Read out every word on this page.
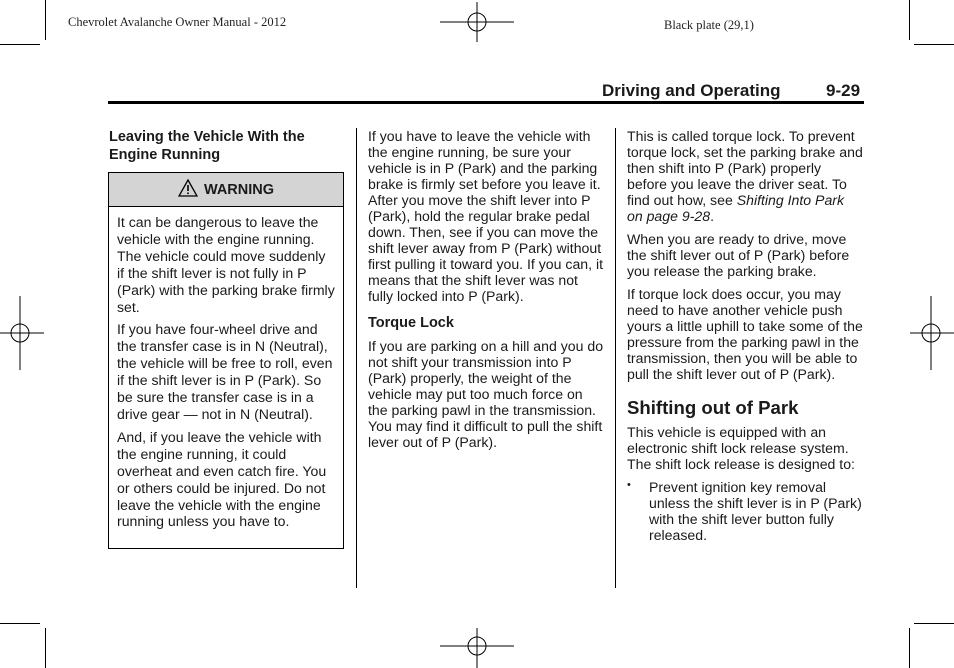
Chevrolet Avalanche Owner Manual - 2012	Black plate (29,1)
Driving and Operating	9-29
Leaving the Vehicle With the Engine Running
WARNING

It can be dangerous to leave the vehicle with the engine running. The vehicle could move suddenly if the shift lever is not fully in P (Park) with the parking brake firmly set.

If you have four-wheel drive and the transfer case is in N (Neutral), the vehicle will be free to roll, even if the shift lever is in P (Park). So be sure the transfer case is in a drive gear — not in N (Neutral).

And, if you leave the vehicle with the engine running, it could overheat and even catch fire. You or others could be injured. Do not leave the vehicle with the engine running unless you have to.

If you have to leave the vehicle with the engine running, be sure your vehicle is in P (Park) and the parking brake is firmly set before you leave it. After you move the shift lever into P (Park), hold the regular brake pedal down. Then, see if you can move the shift lever away from P (Park) without first pulling it toward you. If you can, it means that the shift lever was not fully locked into P (Park).

Torque Lock

If you are parking on a hill and you do not shift your transmission into P (Park) properly, the weight of the vehicle may put too much force on the parking pawl in the transmission. You may find it difficult to pull the shift lever out of P (Park).

This is called torque lock. To prevent torque lock, set the parking brake and then shift into P (Park) properly before you leave the driver seat. To find out how, see Shifting Into Park on page 9-28.

When you are ready to drive, move the shift lever out of P (Park) before you release the parking brake.

If torque lock does occur, you may need to have another vehicle push yours a little uphill to take some of the pressure from the parking pawl in the transmission, then you will be able to pull the shift lever out of P (Park).

Shifting out of Park

This vehicle is equipped with an electronic shift lock release system. The shift lock release is designed to:

• Prevent ignition key removal unless the shift lever is in P (Park) with the shift lever button fully released.
